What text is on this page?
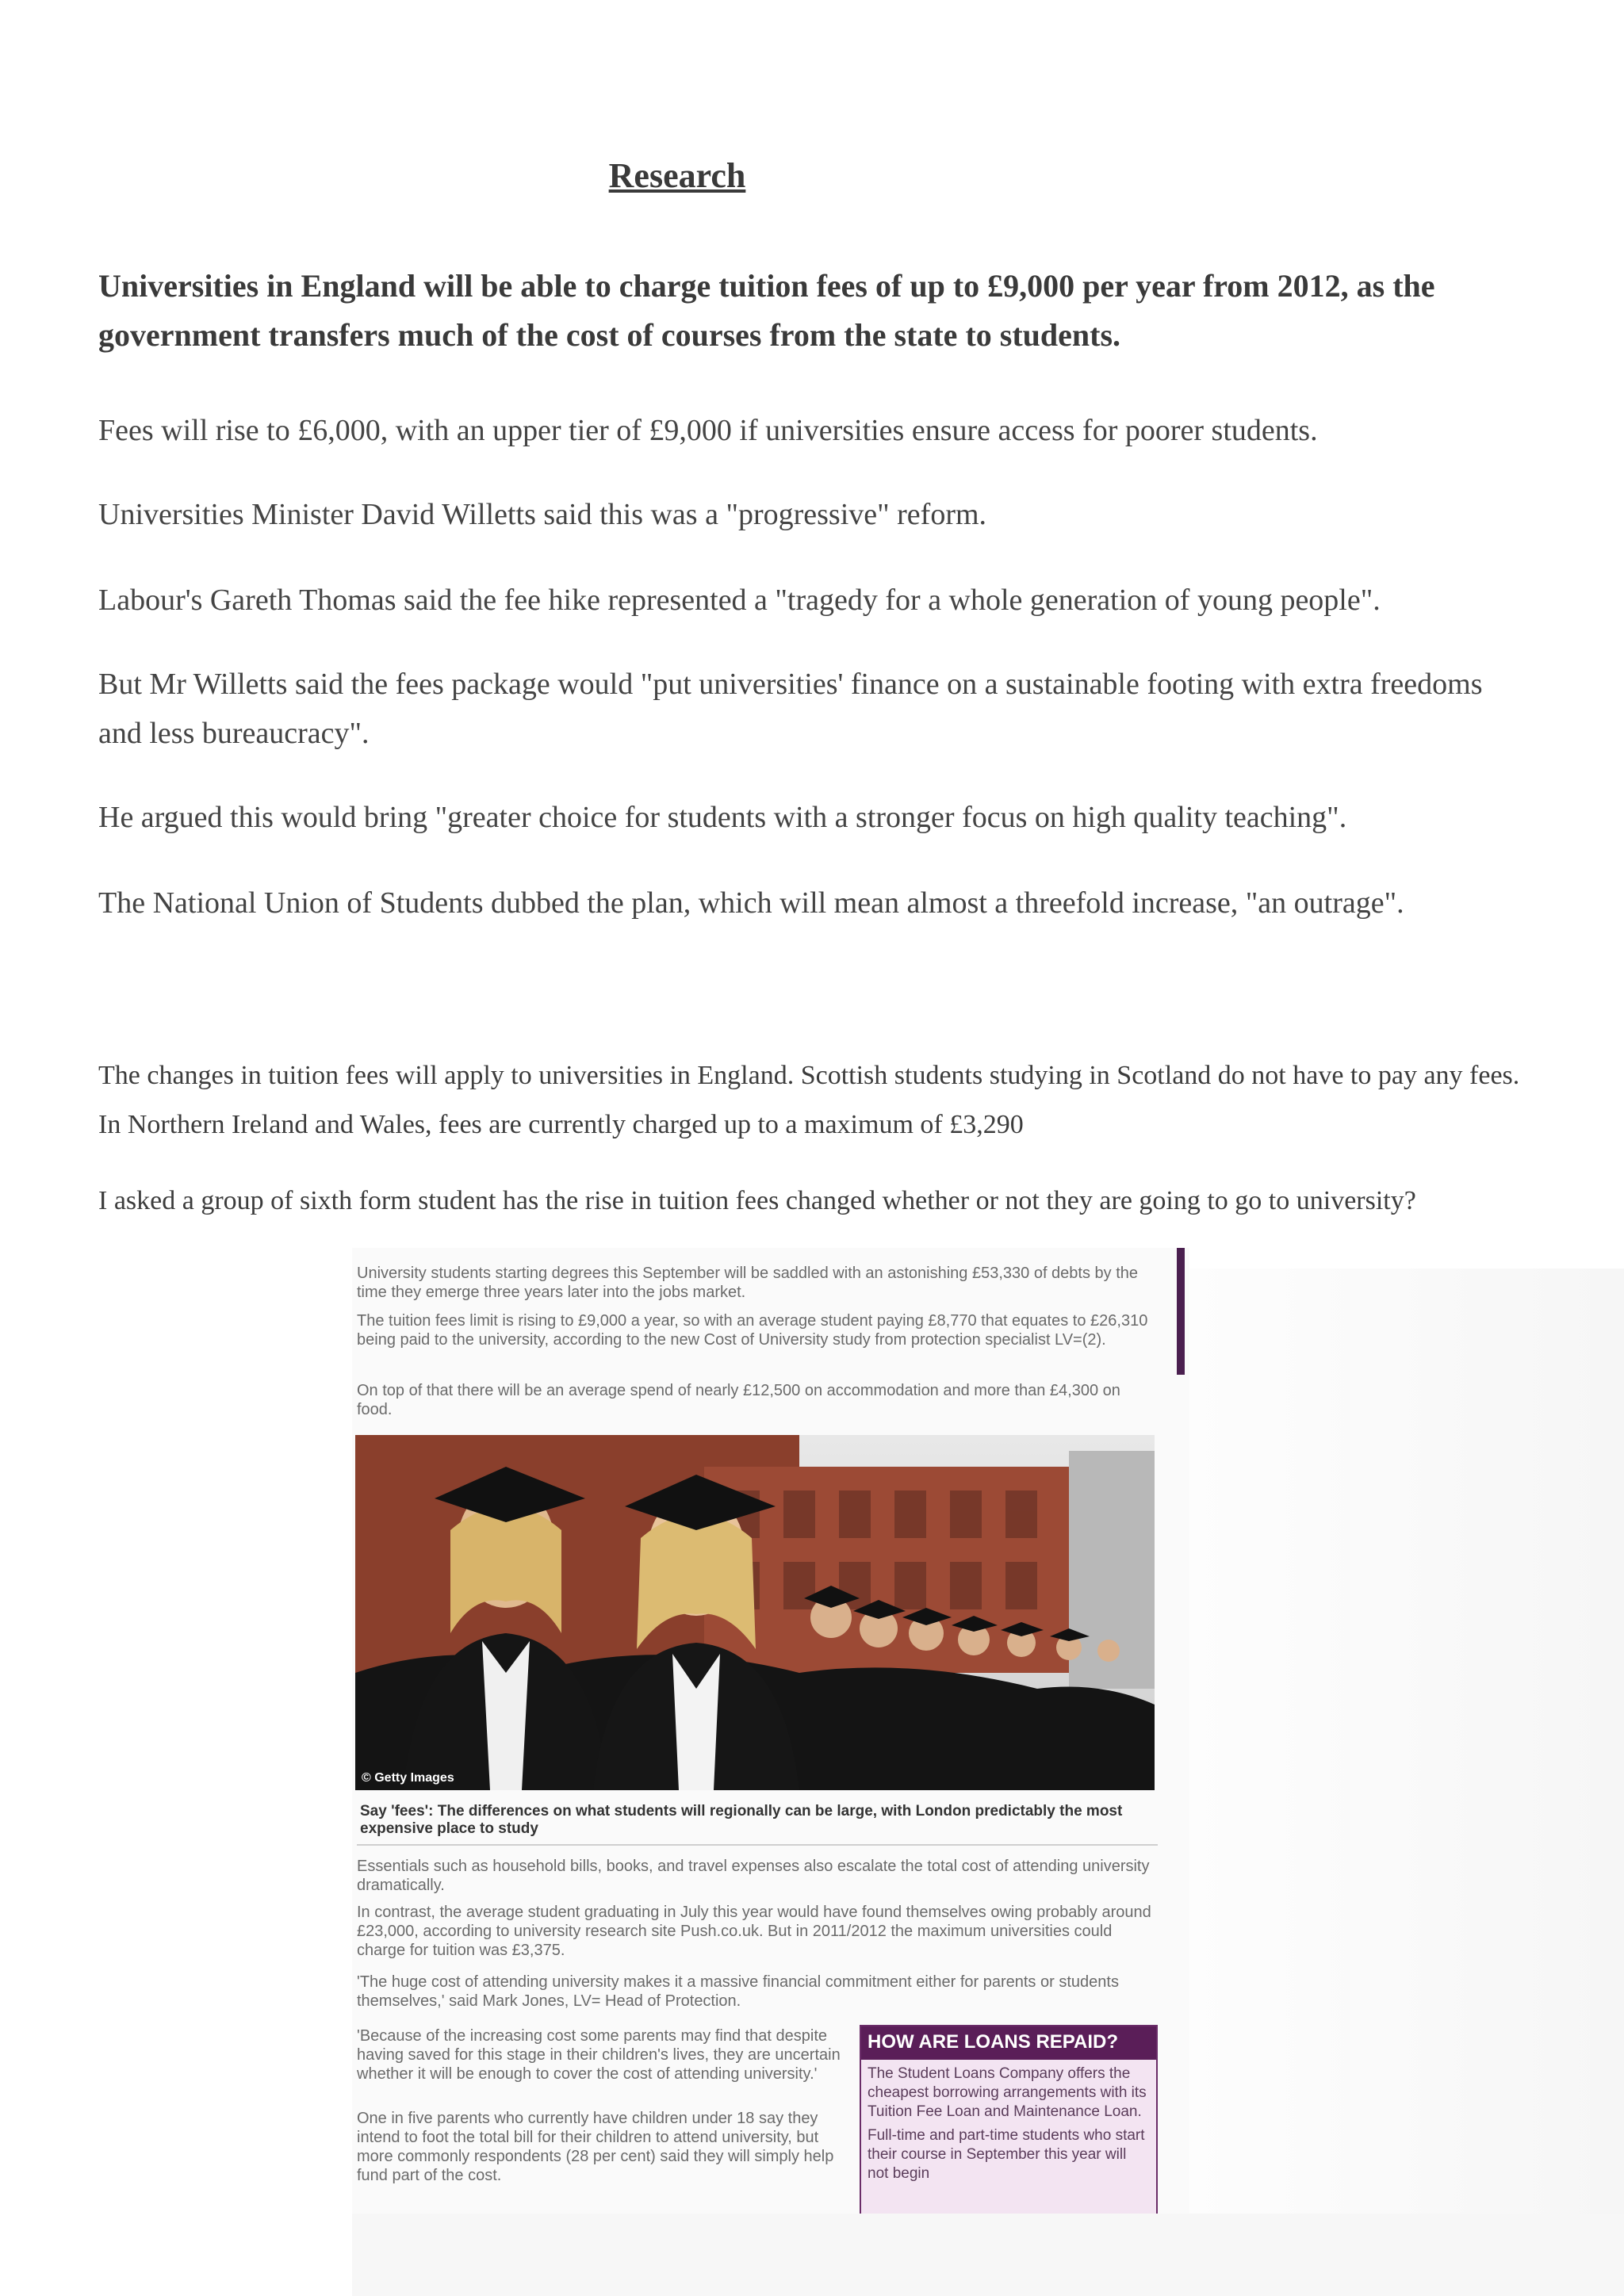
Research
Universities in England will be able to charge tuition fees of up to £9,000 per year from 2012, as the government transfers much of the cost of courses from the state to students.
Fees will rise to £6,000, with an upper tier of £9,000 if universities ensure access for poorer students.
Universities Minister David Willetts said this was a "progressive" reform.
Labour's Gareth Thomas said the fee hike represented a "tragedy for a whole generation of young people".
But Mr Willetts said the fees package would "put universities' finance on a sustainable footing with extra freedoms and less bureaucracy".
He argued this would bring "greater choice for students with a stronger focus on high quality teaching".
The National Union of Students dubbed the plan, which will mean almost a threefold increase, "an outrage".
The changes in tuition fees will apply to universities in England. Scottish students studying in Scotland do not have to pay any fees. In Northern Ireland and Wales, fees are currently charged up to a maximum of £3,290
I asked a group of sixth form student has the rise in tuition fees changed whether or not they are going to go to university?
University students starting degrees this September will be saddled with an astonishing £53,330 of debts by the time they emerge three years later into the jobs market.
The tuition fees limit is rising to £9,000 a year, so with an average student paying £8,770 that equates to £26,310 being paid to the university, according to the new Cost of University study from protection specialist LV=(2).
On top of that there will be an average spend of nearly £12,500 on accommodation and more than £4,300 on food.
© Getty Images
Say 'fees': The differences on what students will regionally can be large, with London predictably the most expensive place to study
Essentials such as household bills, books, and travel expenses also escalate the total cost of attending university dramatically.
In contrast, the average student graduating in July this year would have found themselves owing probably around £23,000, according to university research site Push.co.uk. But in 2011/2012 the maximum universities could charge for tuition was £3,375.
'The huge cost of attending university makes it a massive financial commitment either for parents or students themselves,' said Mark Jones, LV= Head of Protection.
'Because of the increasing cost some parents may find that despite having saved for this stage in their children's lives, they are uncertain whether it will be enough to cover the cost of attending university.'
One in five parents who currently have children under 18 say they intend to foot the total bill for their children to attend university, but more commonly respondents (28 per cent) said they will simply help fund part of the cost.
HOW ARE LOANS REPAID?
The Student Loans Company offers the cheapest borrowing arrangements with its Tuition Fee Loan and Maintenance Loan.
Full-time and part-time students who start their course in September this year will not begin
